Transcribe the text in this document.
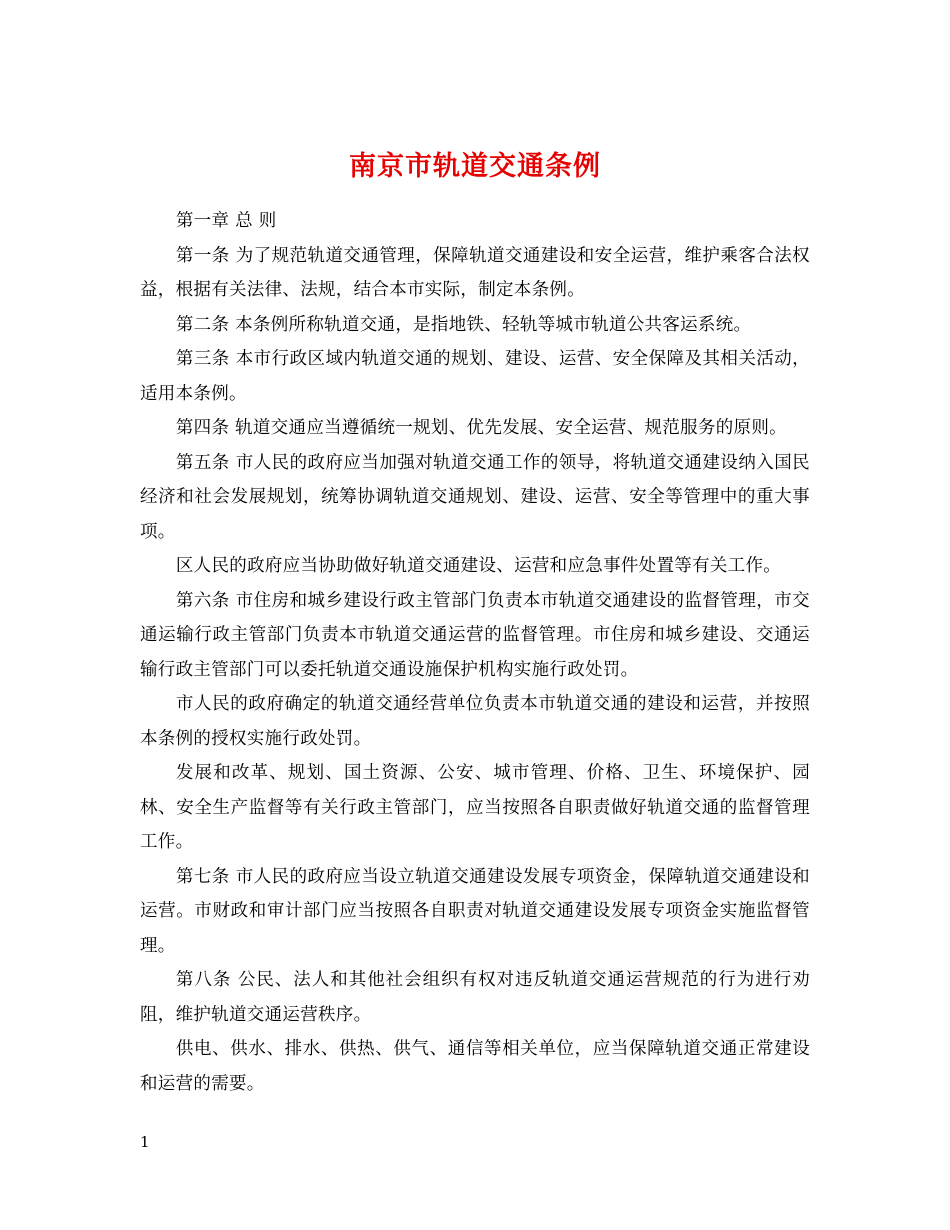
南京市轨道交通条例

第一章 总 则

第一条 为了规范轨道交通管理，保障轨道交通建设和安全运营，维护乘客合法权益，根据有关法律、法规，结合本市实际，制定本条例。

第二条 本条例所称轨道交通，是指地铁、轻轨等城市轨道公共客运系统。

第三条 本市行政区域内轨道交通的规划、建设、运营、安全保障及其相关活动，适用本条例。

第四条 轨道交通应当遵循统一规划、优先发展、安全运营、规范服务的原则。

第五条 市人民的政府应当加强对轨道交通工作的领导，将轨道交通建设纳入国民经济和社会发展规划，统筹协调轨道交通规划、建设、运营、安全等管理中的重大事项。

区人民的政府应当协助做好轨道交通建设、运营和应急事件处置等有关工作。

第六条 市住房和城乡建设行政主管部门负责本市轨道交通建设的监督管理，市交通运输行政主管部门负责本市轨道交通运营的监督管理。市住房和城乡建设、交通运输行政主管部门可以委托轨道交通设施保护机构实施行政处罚。

市人民的政府确定的轨道交通经营单位负责本市轨道交通的建设和运营，并按照本条例的授权实施行政处罚。

发展和改革、规划、国土资源、公安、城市管理、价格、卫生、环境保护、园林、安全生产监督等有关行政主管部门，应当按照各自职责做好轨道交通的监督管理工作。

第七条 市人民的政府应当设立轨道交通建设发展专项资金，保障轨道交通建设和运营。市财政和审计部门应当按照各自职责对轨道交通建设发展专项资金实施监督管理。

第八条 公民、法人和其他社会组织有权对违反轨道交通运营规范的行为进行劝阻，维护轨道交通运营秩序。

供电、供水、排水、供热、供气、通信等相关单位，应当保障轨道交通正常建设和运营的需要。

1
